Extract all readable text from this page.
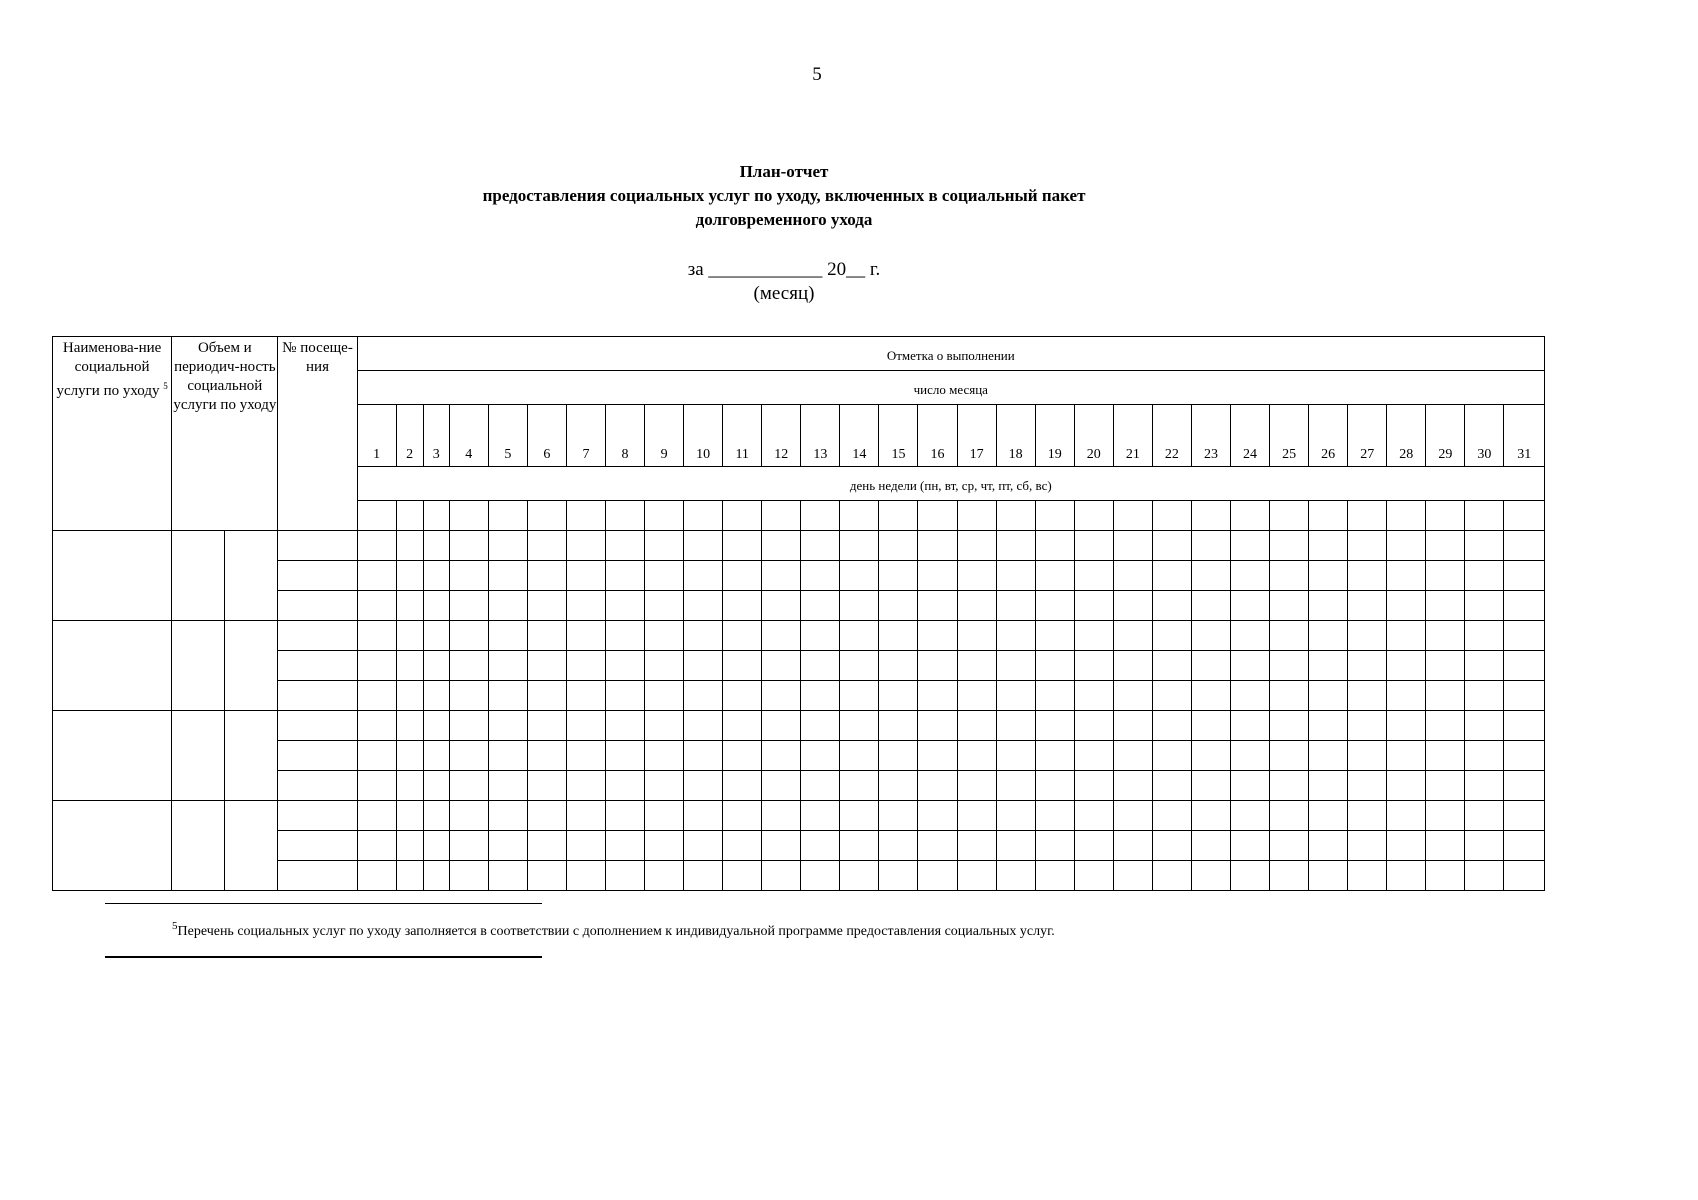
5
План-отчет
предоставления социальных услуг по уходу, включенных в социальный пакет
долговременного ухода
за ____________ 20__ г.
(месяц)
Наименова-ние социальной услуги по уходу $^5$	Объем и периодич-ность социальной услуги по уходу		№ посеще-ния	Отметка о выполнении																														
				число месяца																														
				1	2	3	4	5	6	7	8	9	10	11	12	13	14	15	16	17	18	19	20	21	22	23	24	25	26	27	28	29	30	31
				день недели (пн, вт, ср, чт, пт, сб, вс)																														

$^5$Перечень социальных услуг по уходу заполняется в соответствии с дополнением к индивидуальной программе предоставления социальных услуг.
